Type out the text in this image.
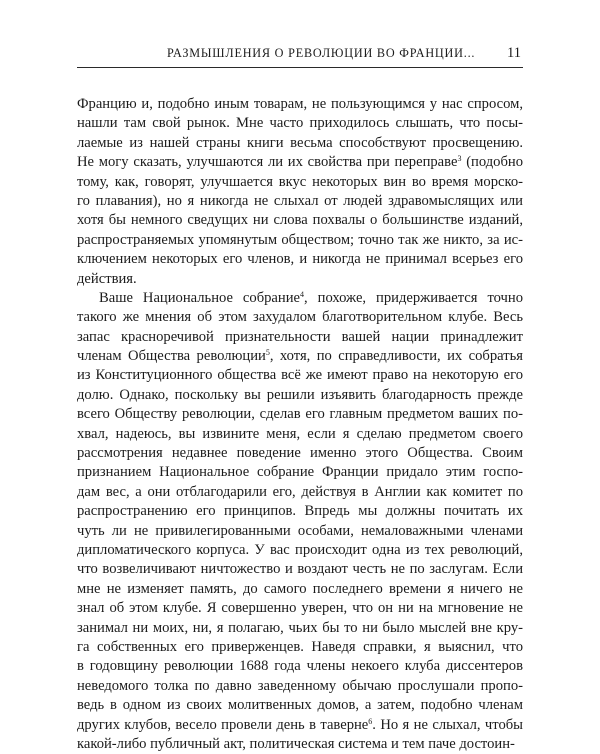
РАЗМЫШЛЕНИЯ О РЕВОЛЮЦИИ ВО ФРАНЦИИ... 11
Францию и, подобно иным товарам, не пользующимся у нас спросом,
нашли там свой рынок. Мне часто приходилось слышать, что посы-
лаемые из нашей страны книги весьма способствуют просвещению.
Не могу сказать, улучшаются ли их свойства при переправе$^3$ (подобно
тому, как, говорят, улучшается вкус некоторых вин во время морско-
го плавания), но я никогда не слыхал от людей здравомыслящих или
хотя бы немного сведущих ни слова похвалы о большинстве изданий,
распространяемых упомянутым обществом; точно так же никто, за ис-
ключением некоторых его членов, и никогда не принимал всерьез его
действия.
Ваше Национальное собрание$^4$, похоже, придерживается точно
такого же мнения об этом захудалом благотворительном клубе. Весь
запас красноречивой признательности вашей нации принадлежит
членам Общества революции$^5$, хотя, по справедливости, их собратья
из Конституционного общества всё же имеют право на некоторую его
долю. Однако, поскольку вы решили изъявить благодарность прежде
всего Обществу революции, сделав его главным предметом ваших по-
хвал, надеюсь, вы извините меня, если я сделаю предметом своего
рассмотрения недавнее поведение именно этого Общества. Своим
признанием Национальное собрание Франции придало этим госпо-
дам вес, а они отблагодарили его, действуя в Англии как комитет по
распространению его принципов. Впредь мы должны почитать их
чуть ли не привилегированными особами, немаловажными членами
дипломатического корпуса. У вас происходит одна из тех революций,
что возвеличивают ничтожество и воздают честь не по заслугам. Если
мне не изменяет память, до самого последнего времени я ничего не
знал об этом клубе. Я совершенно уверен, что он ни на мгновение не
занимал ни моих, ни, я полагаю, чьих бы то ни было мыслей вне кру-
га собственных его приверженцев. Наведя справки, я выяснил, что
в годовщину революции 1688 года члены некоего клуба диссентеров
неведомого толка по давно заведенному обычаю прослушали пропо-
ведь в одном из своих молитвенных домов, а затем, подобно членам
других клубов, весело провели день в таверне$^6$. Но я не слыхал, чтобы
какой-либо публичный акт, политическая система и тем паче достоин-
